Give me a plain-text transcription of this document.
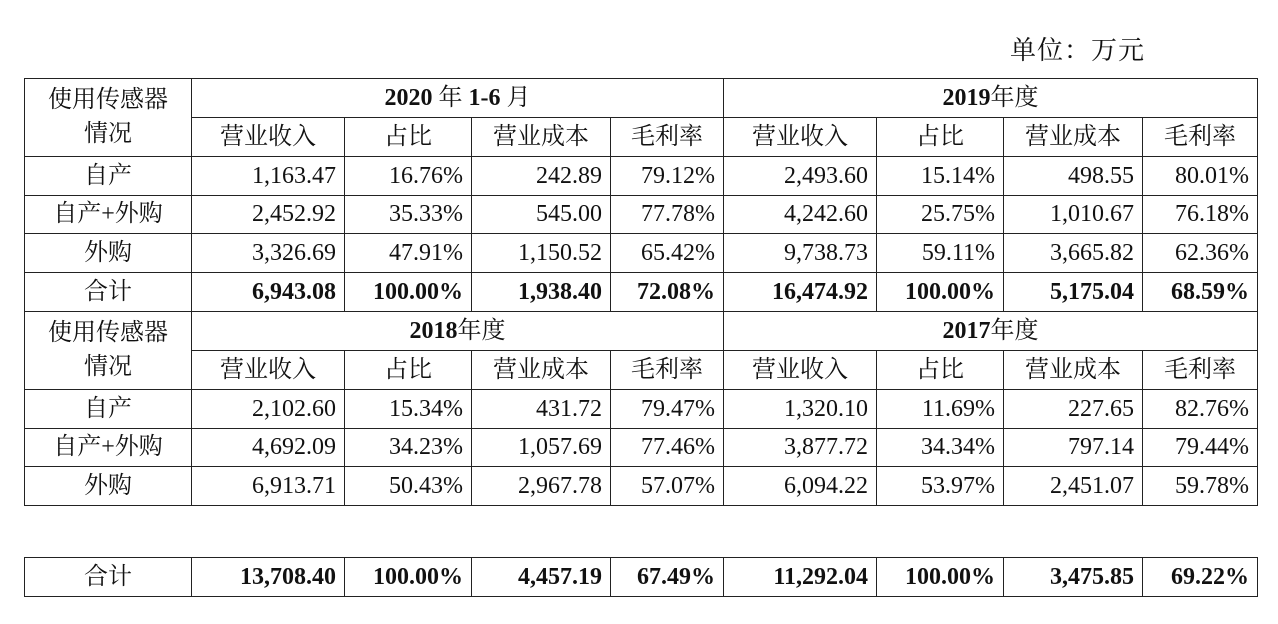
单位：万元
使用传感器
情况	2020 年 1-6 月				2019年度			
	营业收入	占比	营业成本	毛利率	营业收入	占比	营业成本	毛利率
自产	1,163.47	16.76%	242.89	79.12%	2,493.60	15.14%	498.55	80.01%
自产+外购	2,452.92	35.33%	545.00	77.78%	4,242.60	25.75%	1,010.67	76.18%
外购	3,326.69	47.91%	1,150.52	65.42%	9,738.73	59.11%	3,665.82	62.36%
合计	6,943.08	100.00%	1,938.40	72.08%	16,474.92	100.00%	5,175.04	68.59%

使用传感器
情况	2018年度				2017年度			
	营业收入	占比	营业成本	毛利率	营业收入	占比	营业成本	毛利率
自产	2,102.60	15.34%	431.72	79.47%	1,320.10	11.69%	227.65	82.76%
自产+外购	4,692.09	34.23%	1,057.69	77.46%	3,877.72	34.34%	797.14	79.44%
外购	6,913.71	50.43%	2,967.78	57.07%	6,094.22	53.97%	2,451.07	59.78%
合计	13,708.40	100.00%	4,457.19	67.49%	11,292.04	100.00%	3,475.85	69.22%
